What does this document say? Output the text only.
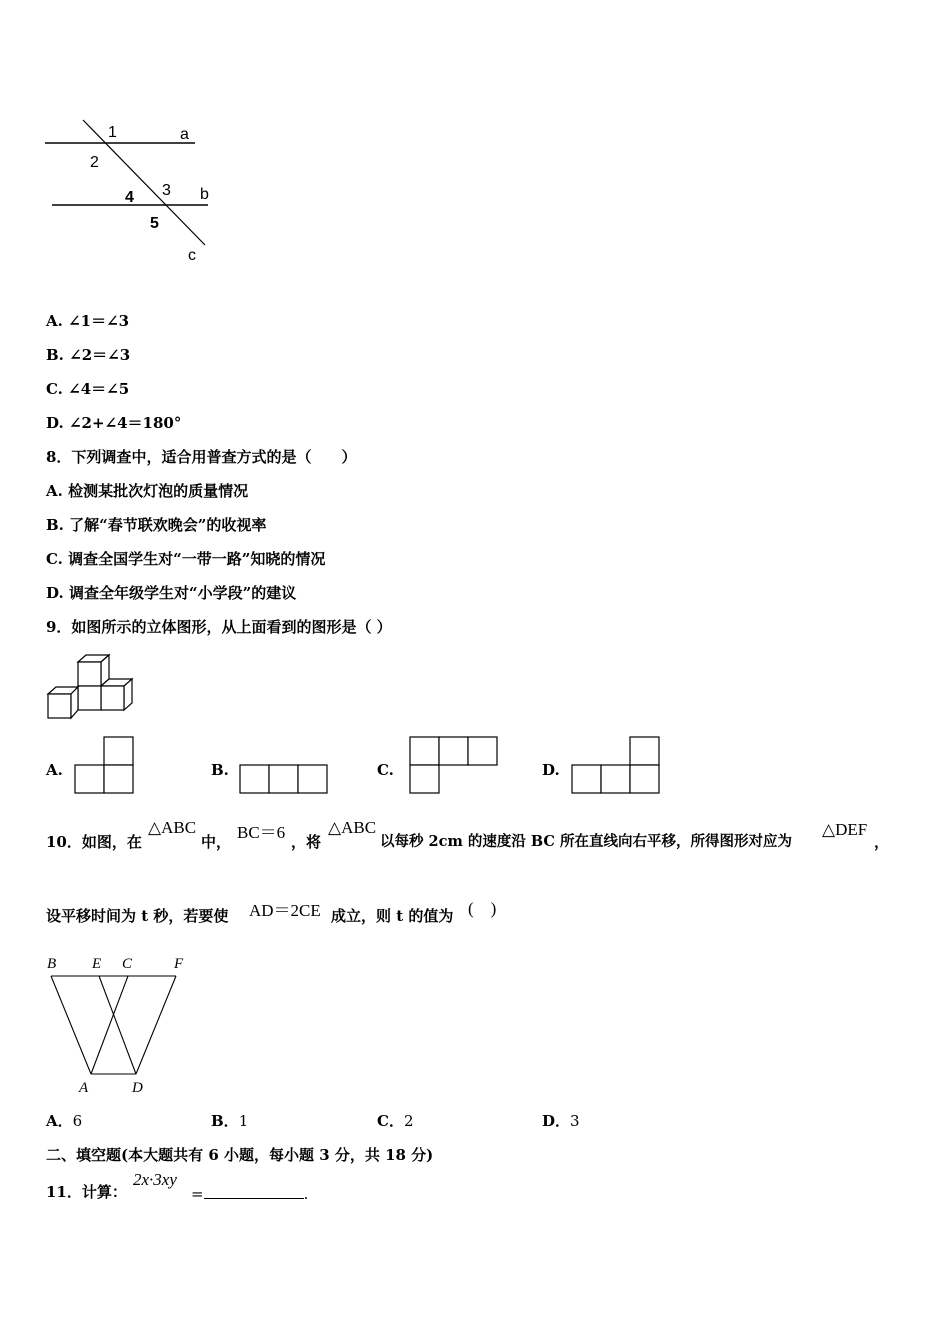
1
2
3
4
5
a
b
c
A. ∠1＝∠3
B. ∠2＝∠3
C. ∠4＝∠5
D. ∠2+∠4＝180°
8．下列调查中，适合用普查方式的是（　　）
A. 检测某批次灯泡的质量情况
B. 了解“春节联欢晚会”的收视率
C. 调查全国学生对“一带一路”知晓的情况
D. 调查全年级学生对“小学段”的建议
9．如图所示的立体图形，从上面看到的图形是（ ）
A.	B.	C.	D.
10．如图，在
△ABC
中， BC＝6 ，将
△ABC
以每秒 2cm 的速度沿 BC 所在直线向右平移，所得图形对应为
△DEF
，
设平移时间为 t 秒，若要使 AD＝2CE 成立，则 t 的值为 (　)
B E C	F
A	D
A．6	B．1	C．2	D．3
二、填空题(本大题共有 6 小题，每小题 3 分，共 18 分)
11．计算：
2x·3xy
=	.
